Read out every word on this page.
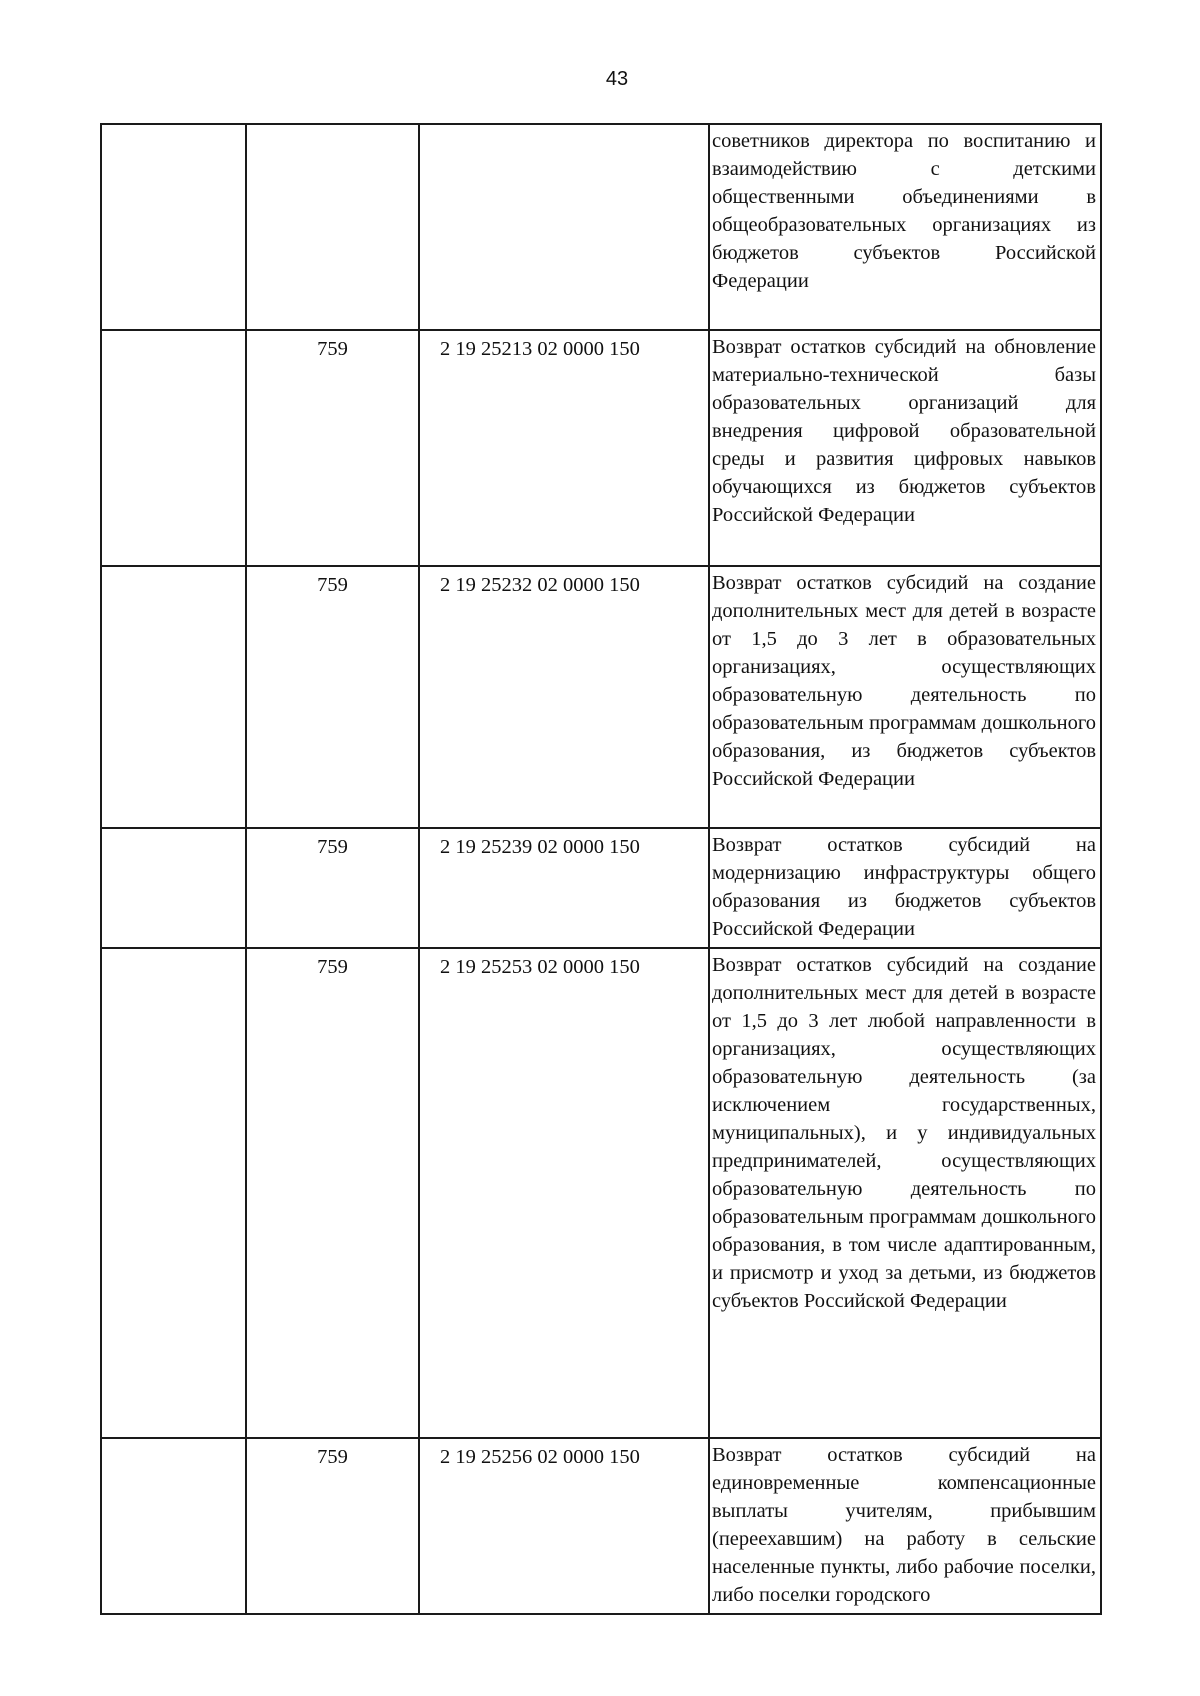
43
			советников директора по воспитанию и взаимодействию с детскими общественными объединениями в общеобразовательных организациях из бюджетов субъектов Российской Федерации
	759	2 19 25213 02 0000 150	Возврат остатков субсидий на обновление материально-технической базы образовательных организаций для внедрения цифровой образовательной среды и развития цифровых навыков обучающихся из бюджетов субъектов Российской Федерации
	759	2 19 25232 02 0000 150	Возврат остатков субсидий на создание дополнительных мест для детей в возрасте от 1,5 до 3 лет в образовательных организациях, осуществляющих образовательную деятельность по образовательным программам дошкольного образования, из бюджетов субъектов Российской Федерации
	759	2 19 25239 02 0000 150	Возврат остатков субсидий на модернизацию инфраструктуры общего образования из бюджетов субъектов Российской Федерации
	759	2 19 25253 02 0000 150	Возврат остатков субсидий на создание дополнительных мест для детей в возрасте от 1,5 до 3 лет любой направленности в организациях, осуществляющих образовательную деятельность (за исключением государственных, муниципальных), и у индивидуальных предпринимателей, осуществляющих образовательную деятельность по образовательным программам дошкольного образования, в том числе адаптированным, и присмотр и уход за детьми, из бюджетов субъектов Российской Федерации
	759	2 19 25256 02 0000 150	Возврат остатков субсидий на единовременные компенсационные выплаты учителям, прибывшим (переехавшим) на работу в сельские населенные пункты, либо рабочие поселки, либо поселки городского
